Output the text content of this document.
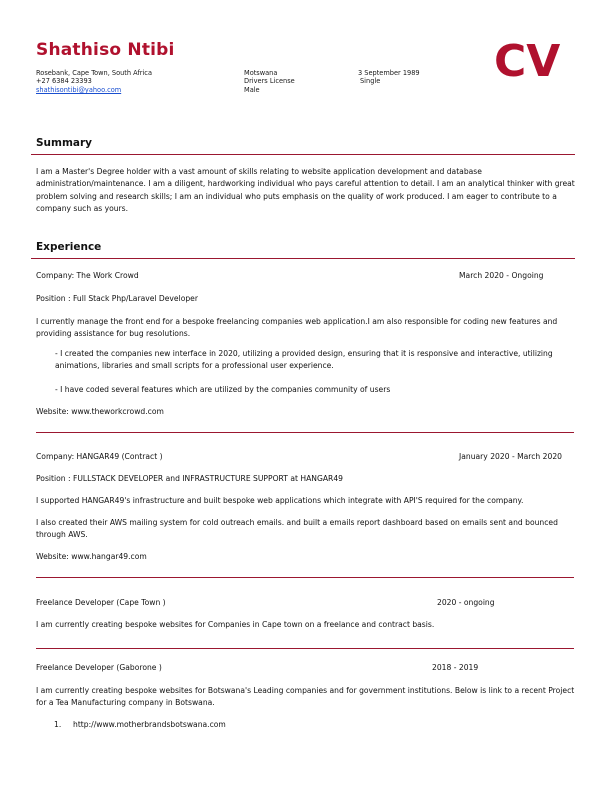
Shathiso Ntibi	CV
Rosebank, Cape Town, South Africa
+27 6384 23393
shathisontibi@yahoo.com
Motswana
Drivers License
Male
3 September 1989
Single
Summary
I am a Master's Degree holder with a vast amount of skills relating to website application development and database administration/maintenance. I am a diligent, hardworking individual who pays careful attention to detail. I am an analytical thinker with great problem solving and research skills; I am an individual who puts emphasis on the quality of work produced. I am eager to contribute to a company such as yours.
Experience
Company: The Work Crowd	March 2020 - Ongoing
Position : Full Stack Php/Laravel Developer
I currently manage the front end for a bespoke freelancing companies web application.I am also responsible for coding new features and providing assistance for bug resolutions.
- I created the companies new interface in 2020, utilizing a provided design, ensuring that it is responsive and interactive, utilizing animations, libraries and small scripts for a professional user experience.
- I have coded several features which are utilized by the companies community of users
Website: www.theworkcrowd.com
Company: HANGAR49 (Contract )	January 2020 - March 2020
Position : FULLSTACK DEVELOPER and INFRASTRUCTURE SUPPORT at HANGAR49
I supported HANGAR49's infrastructure and built bespoke web applications which integrate with API'S required for the company.
I also created their AWS mailing system for cold outreach emails. and built a emails report dashboard based on emails sent and bounced through AWS.
Website: www.hangar49.com
Freelance Developer (Cape Town )	2020 - ongoing
I am currently creating bespoke websites for Companies in Cape town on a freelance and contract basis.
Freelance Developer (Gaborone )	2018 - 2019
I am currently creating bespoke websites for Botswana's Leading companies and for government institutions. Below is link to a recent Project for a Tea Manufacturing company in Botswana.
1. http://www.motherbrandsbotswana.com
